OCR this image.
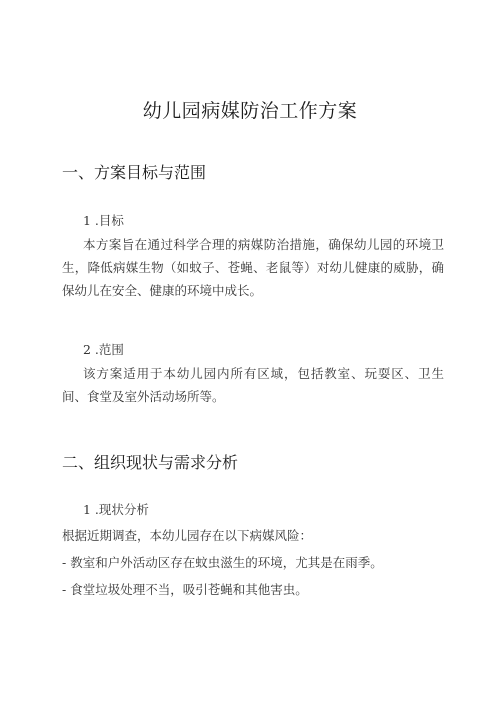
幼儿园病媒防治工作方案
一、方案目标与范围
1 .目标
本方案旨在通过科学合理的病媒防治措施，确保幼儿园的环境卫生，降低病媒生物（如蚊子、苍蝇、老鼠等）对幼儿健康的威胁，确保幼儿在安全、健康的环境中成长。
2 .范围
该方案适用于本幼儿园内所有区域，包括教室、玩耍区、卫生间、食堂及室外活动场所等。
二、组织现状与需求分析
1 .现状分析
根据近期调查，本幼儿园存在以下病媒风险：
- 教室和户外活动区存在蚊虫滋生的环境，尤其是在雨季。
- 食堂垃圾处理不当，吸引苍蝇和其他害虫。
